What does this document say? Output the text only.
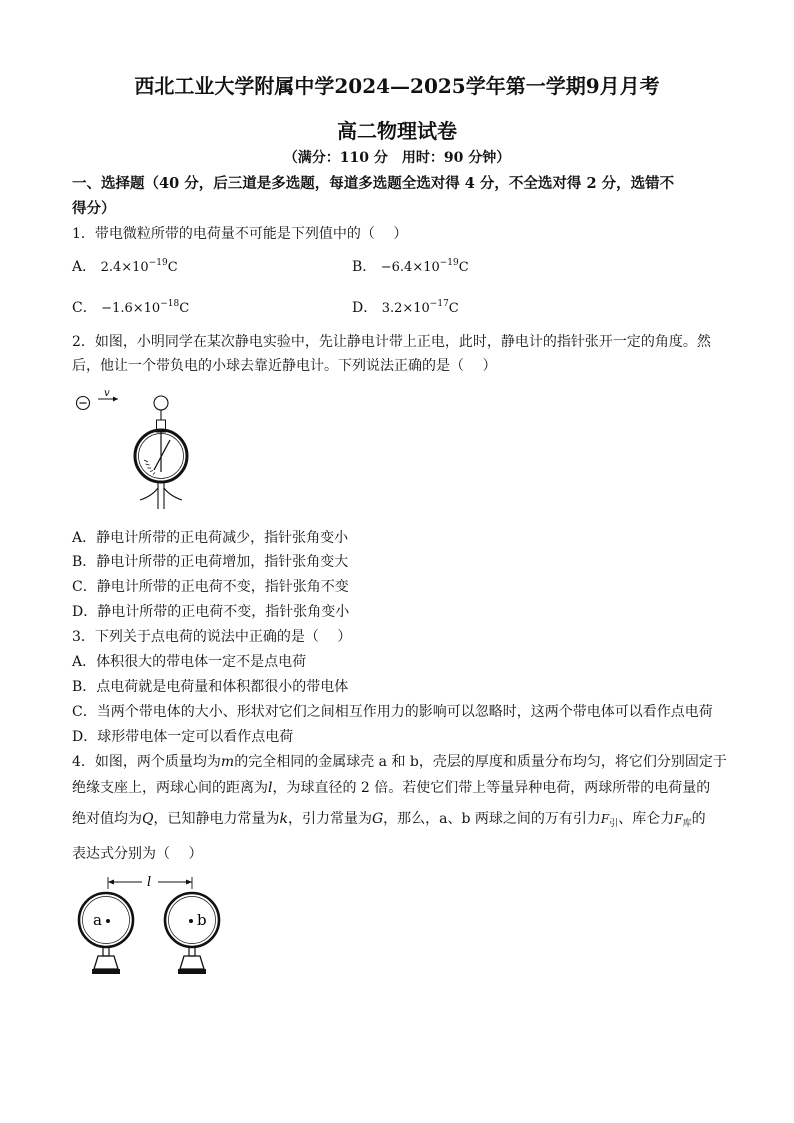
西北工业大学附属中学2024—2025学年第一学期9月月考
高二物理试卷
（满分：110 分　用时：90 分钟）
一、选择题（40 分，后三道是多选题，每道多选题全选对得 4 分，不全选对得 2 分，选错不
得分）
1．带电微粒所带的电荷量不可能是下列值中的（　 ）
A． $2.4\times 10^{-19}C$	B． $-6.4\times 10^{-19}C$
C． $-1.6\times 10^{-18}C$	D． $3.2\times 10^{-17}C$
2．如图，小明同学在某次静电实验中，先让静电计带上正电，此时，静电计的指针张开一定的角度。然
后，他让一个带负电的小球去靠近静电计。下列说法正确的是（　 ）
v
A．静电计所带的正电荷减少，指针张角变小
B．静电计所带的正电荷增加，指针张角变大
C．静电计所带的正电荷不变，指针张角不变
D．静电计所带的正电荷不变，指针张角变小
3．下列关于点电荷的说法中正确的是（　 ）
A．体积很大的带电体一定不是点电荷
B．点电荷就是电荷量和体积都很小的带电体
C．当两个带电体的大小、形状对它们之间相互作用力的影响可以忽略时，这两个带电体可以看作点电荷
D．球形带电体一定可以看作点电荷
4．如图，两个质量均为m的完全相同的金属球壳 a 和 b，壳层的厚度和质量分布均匀，将它们分别固定于
绝缘支座上，两球心间的距离为l，为球直径的 2 倍。若使它们带上等量异种电荷，两球所带的电荷量的
绝对值均为Q，已知静电力常量为k，引力常量为G，那么，a、b 两球之间的万有引力$F_引$、库仑力$F_库$的
表达式分别为（　 ）
l
a	b
